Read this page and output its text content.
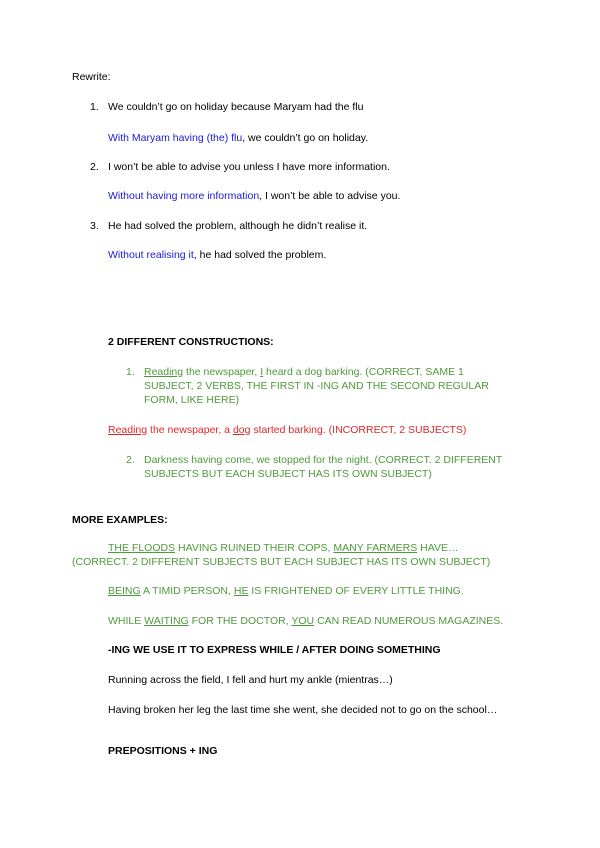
Rewrite:
1. We couldn’t go on holiday because Maryam had the flu
With Maryam having (the) flu, we couldn’t go on holiday.
2. I won’t be able to advise you unless I have more information.
Without having more information, I won’t be able to advise you.
3. He had solved the problem, although he didn’t realise it.
Without realising it, he had solved the problem.
2 DIFFERENT CONSTRUCTIONS:
1. Reading the newspaper, I heard a dog barking. (CORRECT, SAME 1
SUBJECT, 2 VERBS, THE FIRST IN -ING AND THE SECOND REGULAR
FORM, LIKE HERE)
Reading the newspaper, a dog started barking. (INCORRECT, 2 SUBJECTS)
2. Darkness having come, we stopped for the night. (CORRECT. 2 DIFFERENT
SUBJECTS BUT EACH SUBJECT HAS ITS OWN SUBJECT)
MORE EXAMPLES:
THE FLOODS HAVING RUINED THEIR COPS, MANY FARMERS HAVE…
(CORRECT. 2 DIFFERENT SUBJECTS BUT EACH SUBJECT HAS ITS OWN SUBJECT)
BEING A TIMID PERSON, HE IS FRIGHTENED OF EVERY LITTLE THING.
WHILE WAITING FOR THE DOCTOR, YOU CAN READ NUMEROUS MAGAZINES.
-ING WE USE IT TO EXPRESS WHILE / AFTER DOING SOMETHING
Running across the field, I fell and hurt my ankle (mientras…)
Having broken her leg the last time she went, she decided not to go on the school…
PREPOSITIONS + ING
